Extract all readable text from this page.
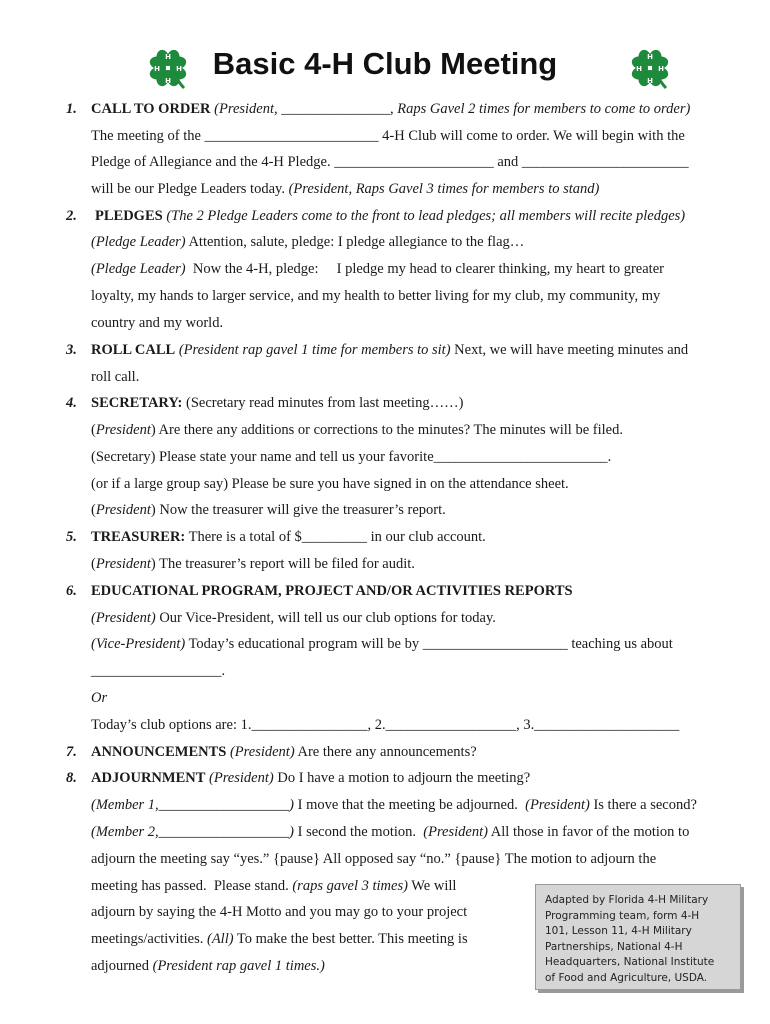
H
H
H
H	Basic 4-H Club Meeting	H
H
H
H
1. CALL TO ORDER (President, _______________, Raps Gavel 2 times for members to come to order)
The meeting of the ________________________ 4-H Club will come to order. We will begin with the
Pledge of Allegiance and the 4-H Pledge. ______________________ and _______________________
will be our Pledge Leaders today. (President, Raps Gavel 3 times for members to stand)
2. PLEDGES (The 2 Pledge Leaders come to the front to lead pledges; all members will recite pledges)
(Pledge Leader) Attention, salute, pledge: I pledge allegiance to the flag…
(Pledge Leader)  Now the 4-H, pledge:     I pledge my head to clearer thinking, my heart to greater
loyalty, my hands to larger service, and my health to better living for my club, my community, my
country and my world.
3. ROLL CALL (President rap gavel 1 time for members to sit) Next, we will have meeting minutes and
roll call.
4. SECRETARY: (Secretary read minutes from last meeting……)
(President) Are there any additions or corrections to the minutes? The minutes will be filed.
(Secretary) Please state your name and tell us your favorite________________________.
(or if a large group say) Please be sure you have signed in on the attendance sheet.
(President) Now the treasurer will give the treasurer’s report.
5. TREASURER: There is a total of $_________ in our club account.
(President) The treasurer’s report will be filed for audit.
6. EDUCATIONAL PROGRAM, PROJECT AND/OR ACTIVITIES REPORTS
(President) Our Vice-President, will tell us our club options for today.
(Vice-President) Today’s educational program will be by ____________________ teaching us about
__________________.
Or
Today’s club options are: 1.________________, 2.__________________, 3.____________________
7. ANNOUNCEMENTS (President) Are there any announcements?
8. ADJOURNMENT (President) Do I have a motion to adjourn the meeting?
(Member 1,__________________) I move that the meeting be adjourned.  (President) Is there a second?
(Member 2,__________________) I second the motion.  (President) All those in favor of the motion to
adjourn the meeting say “yes.” {pause} All opposed say “no.” {pause} The motion to adjourn the
meeting has passed.  Please stand. (raps gavel 3 times) We will
adjourn by saying the 4-H Motto and you may go to your project
meetings/activities. (All) To make the best better. This meeting is
adjourned (President rap gavel 1 times.)
Adapted by Florida 4-H Military
Programming team, form 4-H
101, Lesson 11, 4-H Military
Partnerships, National 4-H
Headquarters, National Institute
of Food and Agriculture, USDA.
